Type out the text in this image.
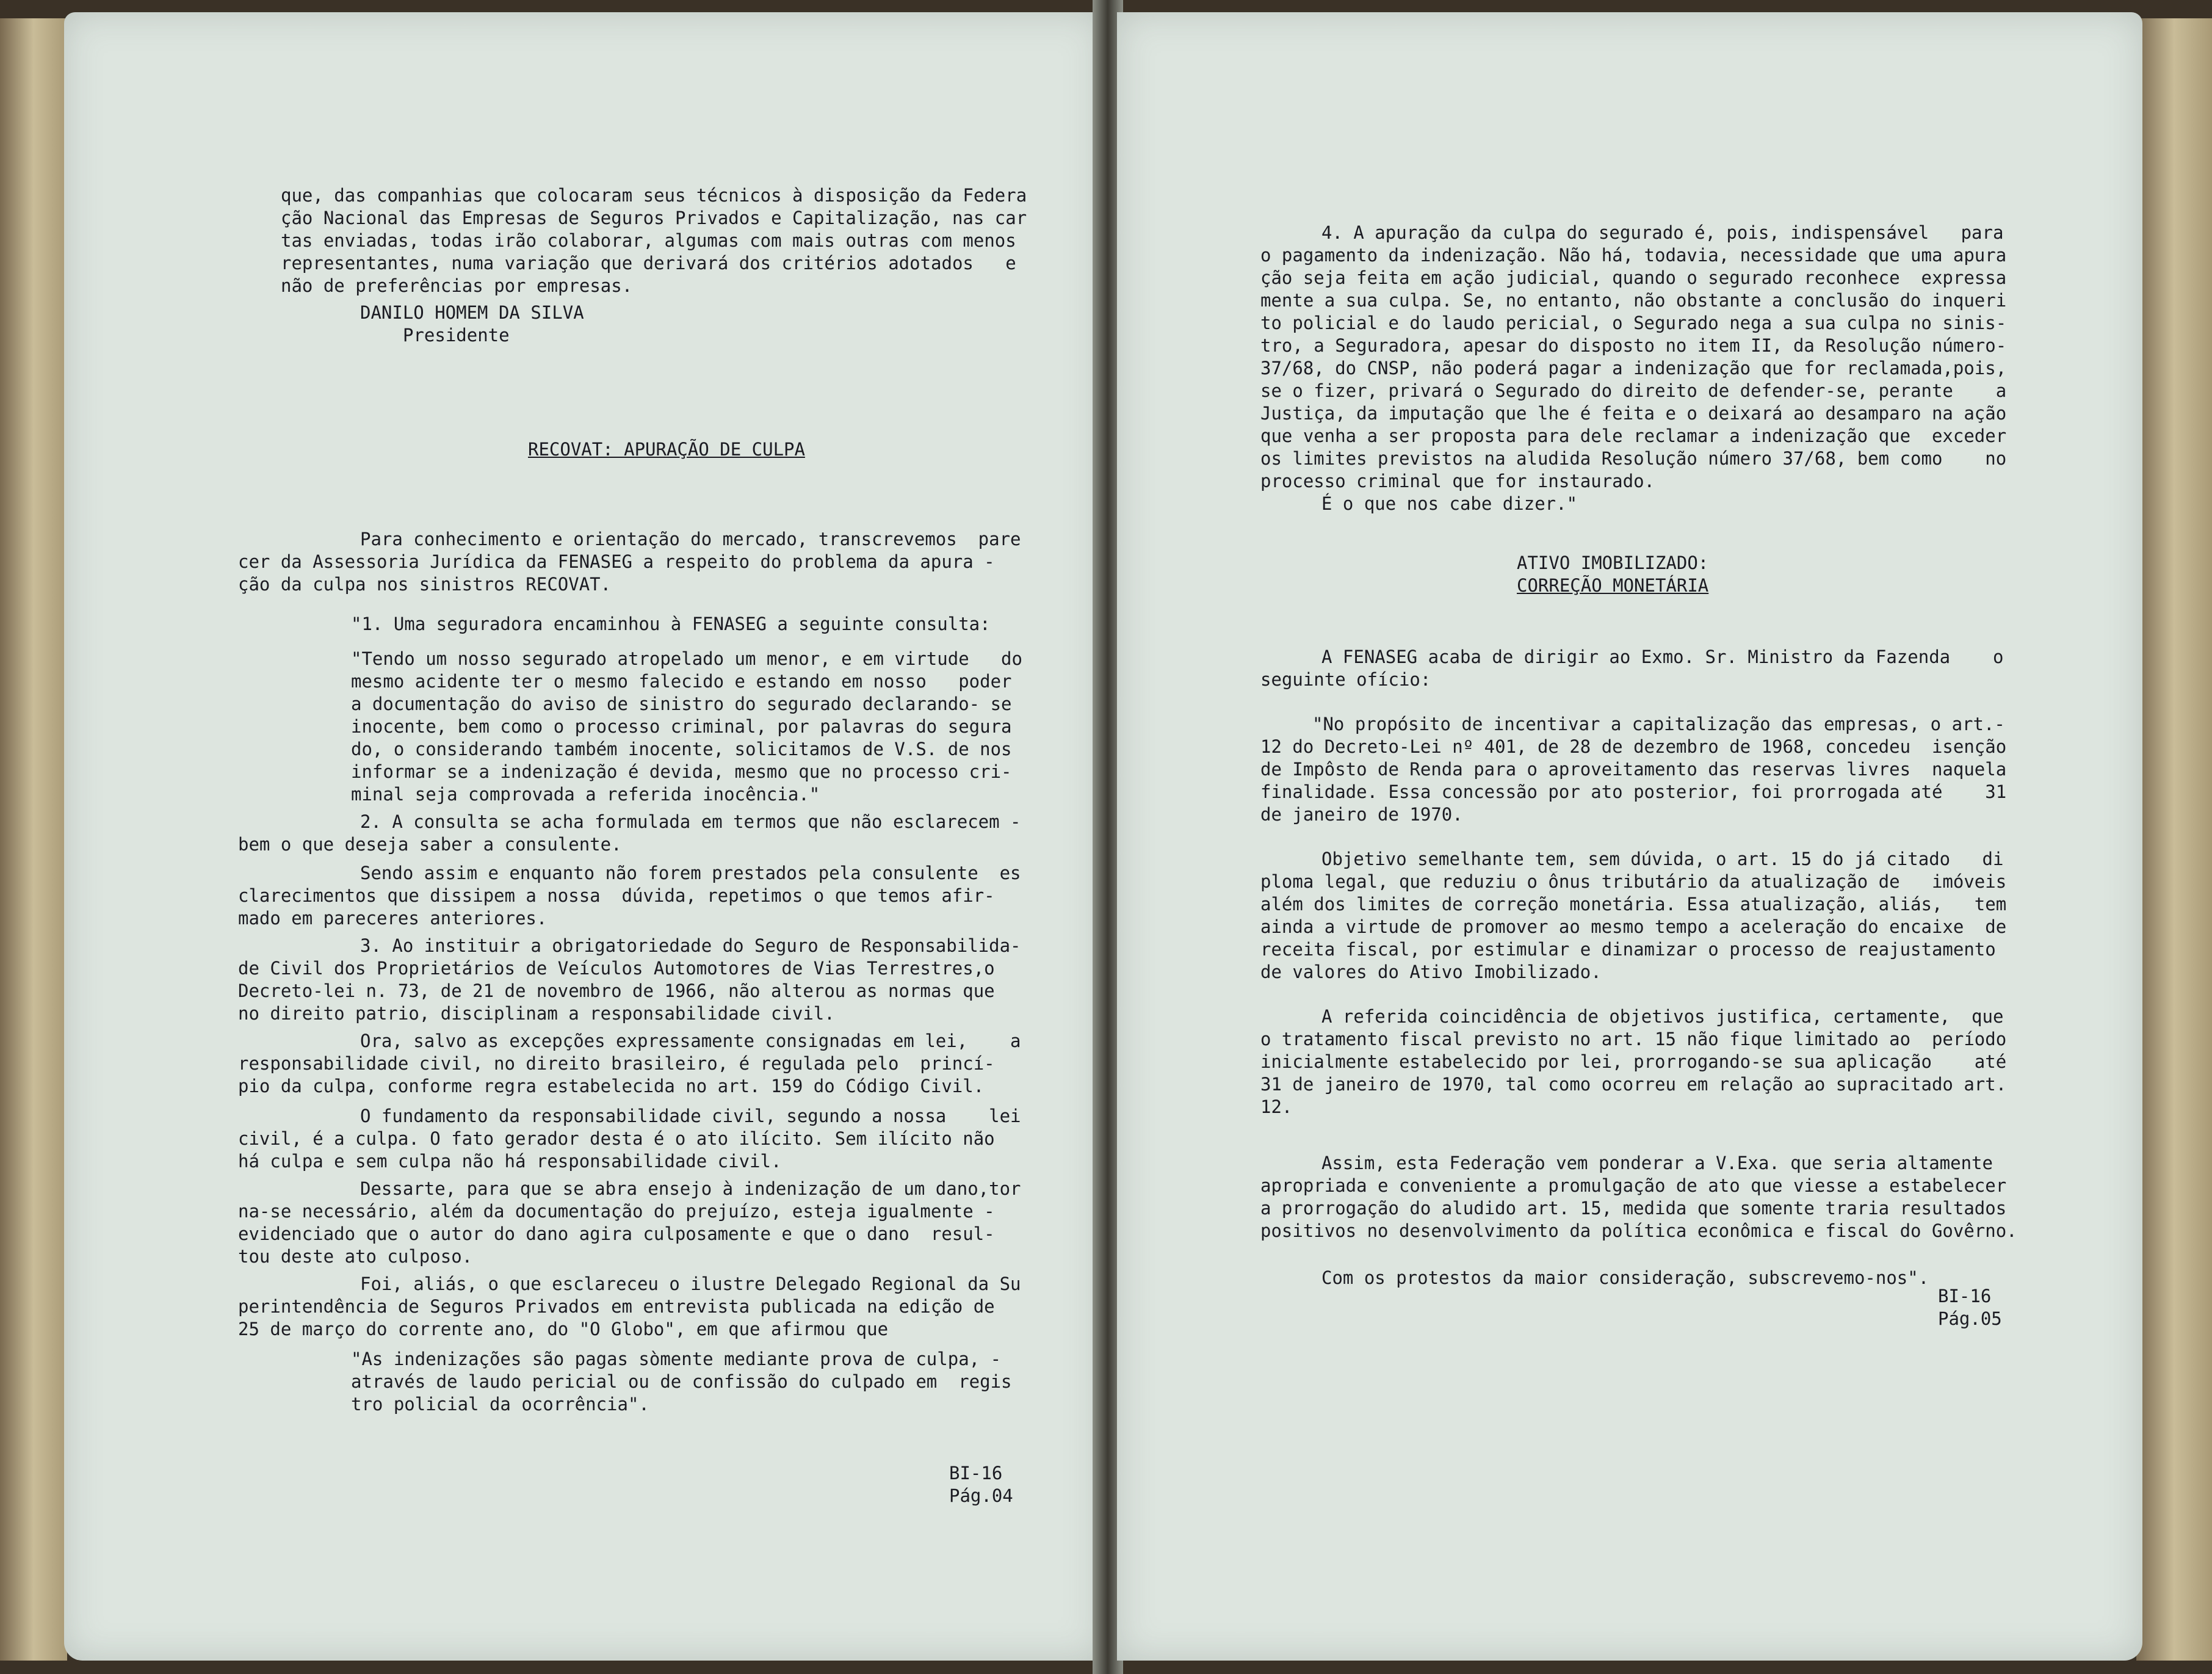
que, das companhias que colocaram seus técnicos à disposição da Federa

ção Nacional das Empresas de Seguros Privados e Capitalização, nas car

tas enviadas, todas irão colaborar, algumas com mais outras com menos

representantes, numa variação que derivará dos critérios adotados   e

não de preferências por empresas.

DANILO HOMEM DA SILVA

Presidente

RECOVAT: APURAÇÃO DE CULPA

Para conhecimento e orientação do mercado, transcrevemos  pare

cer da Assessoria Jurídica da FENASEG a respeito do problema da apura -

ção da culpa nos sinistros RECOVAT.

"1. Uma seguradora encaminhou à FENASEG a seguinte consulta:

"Tendo um nosso segurado atropelado um menor, e em virtude   do

mesmo acidente ter o mesmo falecido e estando em nosso   poder

a documentação do aviso de sinistro do segurado declarando- se

inocente, bem como o processo criminal, por palavras do segura

do, o considerando também inocente, solicitamos de V.S. de nos

informar se a indenização é devida, mesmo que no processo cri-

minal seja comprovada a referida inocência."

2. A consulta se acha formulada em termos que não esclarecem -

bem o que deseja saber a consulente.

Sendo assim e enquanto não forem prestados pela consulente  es

clarecimentos que dissipem a nossa  dúvida, repetimos o que temos afir-

mado em pareceres anteriores.

3. Ao instituir a obrigatoriedade do Seguro de Responsabilida-

de Civil dos Proprietários de Veículos Automotores de Vias Terrestres,o

Decreto-lei n. 73, de 21 de novembro de 1966, não alterou as normas que

no direito patrio, disciplinam a responsabilidade civil.

Ora, salvo as excepções expressamente consignadas em lei,    a

responsabilidade civil, no direito brasileiro, é regulada pelo  princí-

pio da culpa, conforme regra estabelecida no art. 159 do Código Civil.

O fundamento da responsabilidade civil, segundo a nossa    lei

civil, é a culpa. O fato gerador desta é o ato ilícito. Sem ilícito não

há culpa e sem culpa não há responsabilidade civil.

Dessarte, para que se abra ensejo à indenização de um dano,tor

na-se necessário, além da documentação do prejuízo, esteja igualmente -

evidenciado que o autor do dano agira culposamente e que o dano  resul-

tou deste ato culposo.

Foi, aliás, o que esclareceu o ilustre Delegado Regional da Su

perintendência de Seguros Privados em entrevista publicada na edição de

25 de março do corrente ano, do "O Globo", em que afirmou que

"As indenizações são pagas sòmente mediante prova de culpa, -

através de laudo pericial ou de confissão do culpado em  regis

tro policial da ocorrência".

BI-16
Pág.04

4. A apuração da culpa do segurado é, pois, indispensável   para

o pagamento da indenização. Não há, todavia, necessidade que uma apura

ção seja feita em ação judicial, quando o segurado reconhece  expressa

mente a sua culpa. Se, no entanto, não obstante a conclusão do inqueri

to policial e do laudo pericial, o Segurado nega a sua culpa no sinis-

tro, a Seguradora, apesar do disposto no item II, da Resolução número-

37/68, do CNSP, não poderá pagar a indenização que for reclamada,pois,

se o fizer, privará o Segurado do direito de defender-se, perante    a

Justiça, da imputação que lhe é feita e o deixará ao desamparo na ação

que venha a ser proposta para dele reclamar a indenização que  exceder

os limites previstos na aludida Resolução número 37/68, bem como    no

processo criminal que for instaurado.

É o que nos cabe dizer."

ATIVO IMOBILIZADO:

CORREÇÃO MONETÁRIA

A FENASEG acaba de dirigir ao Exmo. Sr. Ministro da Fazenda    o

seguinte ofício:

"No propósito de incentivar a capitalização das empresas, o art.-

12 do Decreto-Lei nº 401, de 28 de dezembro de 1968, concedeu  isenção

de Impôsto de Renda para o aproveitamento das reservas livres  naquela

finalidade. Essa concessão por ato posterior, foi prorrogada até    31

de janeiro de 1970.

Objetivo semelhante tem, sem dúvida, o art. 15 do já citado   di

ploma legal, que reduziu o ônus tributário da atualização de   imóveis

além dos limites de correção monetária. Essa atualização, aliás,   tem

ainda a virtude de promover ao mesmo tempo a aceleração do encaixe  de

receita fiscal, por estimular e dinamizar o processo de reajustamento

de valores do Ativo Imobilizado.

A referida coincidência de objetivos justifica, certamente,  que

o tratamento fiscal previsto no art. 15 não fique limitado ao  período

inicialmente estabelecido por lei, prorrogando-se sua aplicação    até

31 de janeiro de 1970, tal como ocorreu em relação ao supracitado art.

12.

Assim, esta Federação vem ponderar a V.Exa. que seria altamente

apropriada e conveniente a promulgação de ato que viesse a estabelecer

a prorrogação do aludido art. 15, medida que somente traria resultados

positivos no desenvolvimento da política econômica e fiscal do Govêrno.

Com os protestos da maior consideração, subscrevemo-nos".

BI-16
Pág.05
